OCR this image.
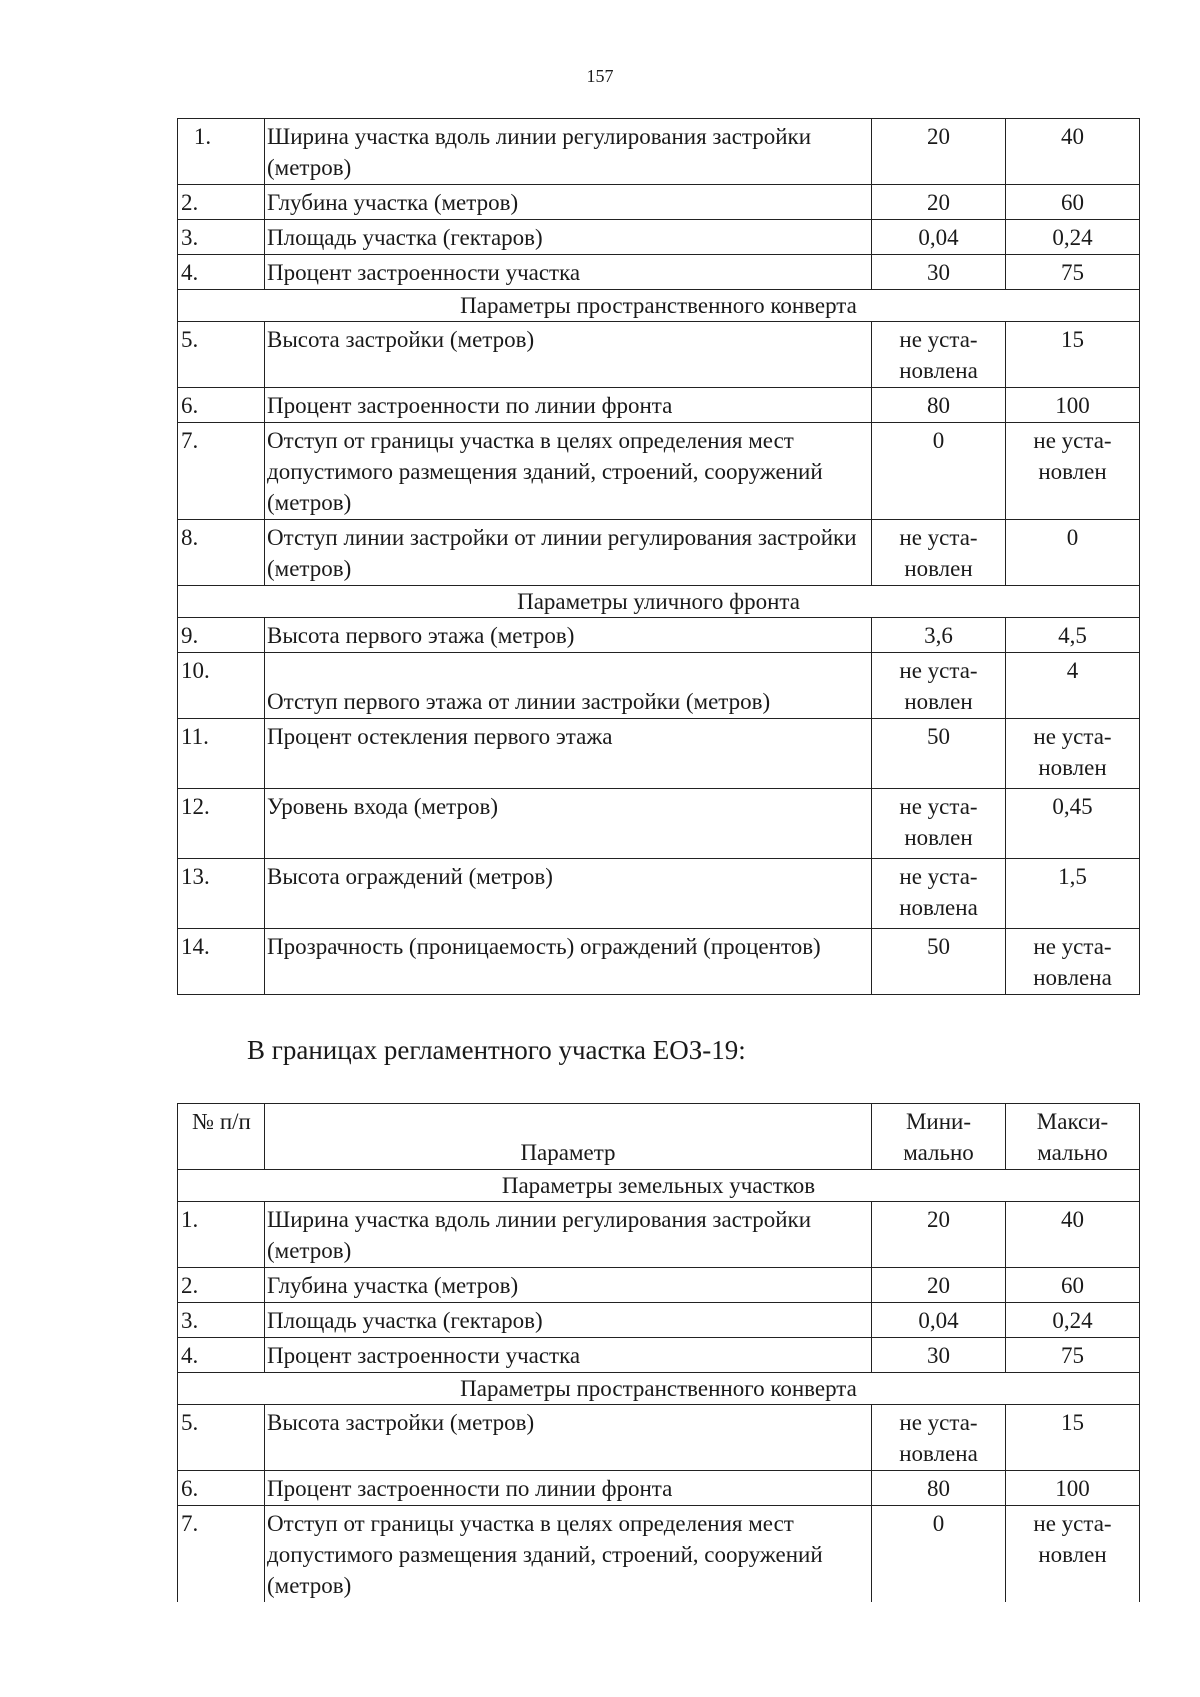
157
1.	Ширина участка вдоль линии регулирования застройки (метров)	20	40
2.	Глубина участка (метров)	20	60
3.	Площадь участка (гектаров)	0,04	0,24
4.	Процент застроенности участка	30	75
Параметры пространственного конверта			
5.	Высота застройки (метров)	не уста-новлена	15
6.	Процент застроенности по линии фронта	80	100
7.	Отступ от границы участка в целях определения мест допустимого размещения зданий, строений, сооружений (метров)	0	не уста-новлен
8.	Отступ линии застройки от линии регулирования застройки (метров)	не уста-новлен	0
Параметры уличного фронта			
9.	Высота первого этажа (метров)	3,6	4,5
10.	Отступ первого этажа от линии застройки (метров)	не уста-новлен	4
11.	Процент остекления первого этажа	50	не уста-новлен
12.	Уровень входа (метров)	не уста-новлен	0,45
13.	Высота ограждений (метров)	не уста-новлена	1,5
14.	Прозрачность (проницаемость) ограждений (процентов)	50	не уста-новлена
В границах регламентного участка ЕОЗ-19:
№ п/п	Параметр	Мини-мально	Макси-мально
Параметры земельных участков			
1.	Ширина участка вдоль линии регулирования застройки (метров)	20	40
2.	Глубина участка (метров)	20	60
3.	Площадь участка (гектаров)	0,04	0,24
4.	Процент застроенности участка	30	75
Параметры пространственного конверта			
5.	Высота застройки (метров)	не уста-новлена	15
6.	Процент застроенности по линии фронта	80	100
7.	Отступ от границы участка в целях определения мест допустимого размещения зданий, строений, сооружений (метров)	0	не уста-новлен
